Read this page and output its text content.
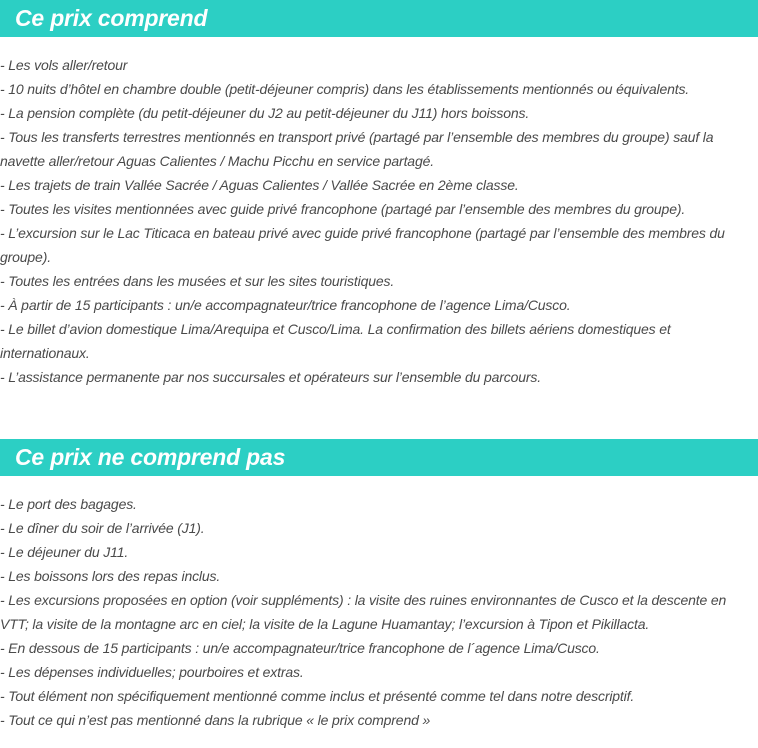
Ce prix comprend
- Les vols aller/retour
- 10 nuits d’hôtel en chambre double (petit-déjeuner compris) dans les établissements mentionnés ou équivalents.
- La pension complète (du petit-déjeuner du J2 au petit-déjeuner du J11) hors boissons.
- Tous les transferts terrestres mentionnés en transport privé (partagé par l’ensemble des membres du groupe) sauf la navette aller/retour Aguas Calientes / Machu Picchu en service partagé.
- Les trajets de train Vallée Sacrée / Aguas Calientes / Vallée Sacrée en 2ème classe.
- Toutes les visites mentionnées avec guide privé francophone (partagé par l’ensemble des membres du groupe).
- L’excursion sur le Lac Titicaca en bateau privé avec guide privé francophone (partagé par l’ensemble des membres du groupe).
- Toutes les entrées dans les musées et sur les sites touristiques.
- À partir de 15 participants : un/e accompagnateur/trice francophone de l’agence Lima/Cusco.
- Le billet d’avion domestique Lima/Arequipa et Cusco/Lima. La confirmation des billets aériens domestiques et internationaux.
- L’assistance permanente par nos succursales et opérateurs sur l’ensemble du parcours.
Ce prix ne comprend pas
- Le port des bagages.
- Le dîner du soir de l’arrivée (J1).
- Le déjeuner du J11.
- Les boissons lors des repas inclus.
- Les excursions proposées en option (voir suppléments) : la visite des ruines environnantes de Cusco et la descente en VTT; la visite de la montagne arc en ciel; la visite de la Lagune Huamantay; l’excursion à Tipon et Pikillacta.
- En dessous de 15 participants : un/e accompagnateur/trice francophone de l´agence Lima/Cusco.
- Les dépenses individuelles; pourboires et extras.
- Tout élément non spécifiquement mentionné comme inclus et présenté comme tel dans notre descriptif.
- Tout ce qui n’est pas mentionné dans la rubrique « le prix comprend »
